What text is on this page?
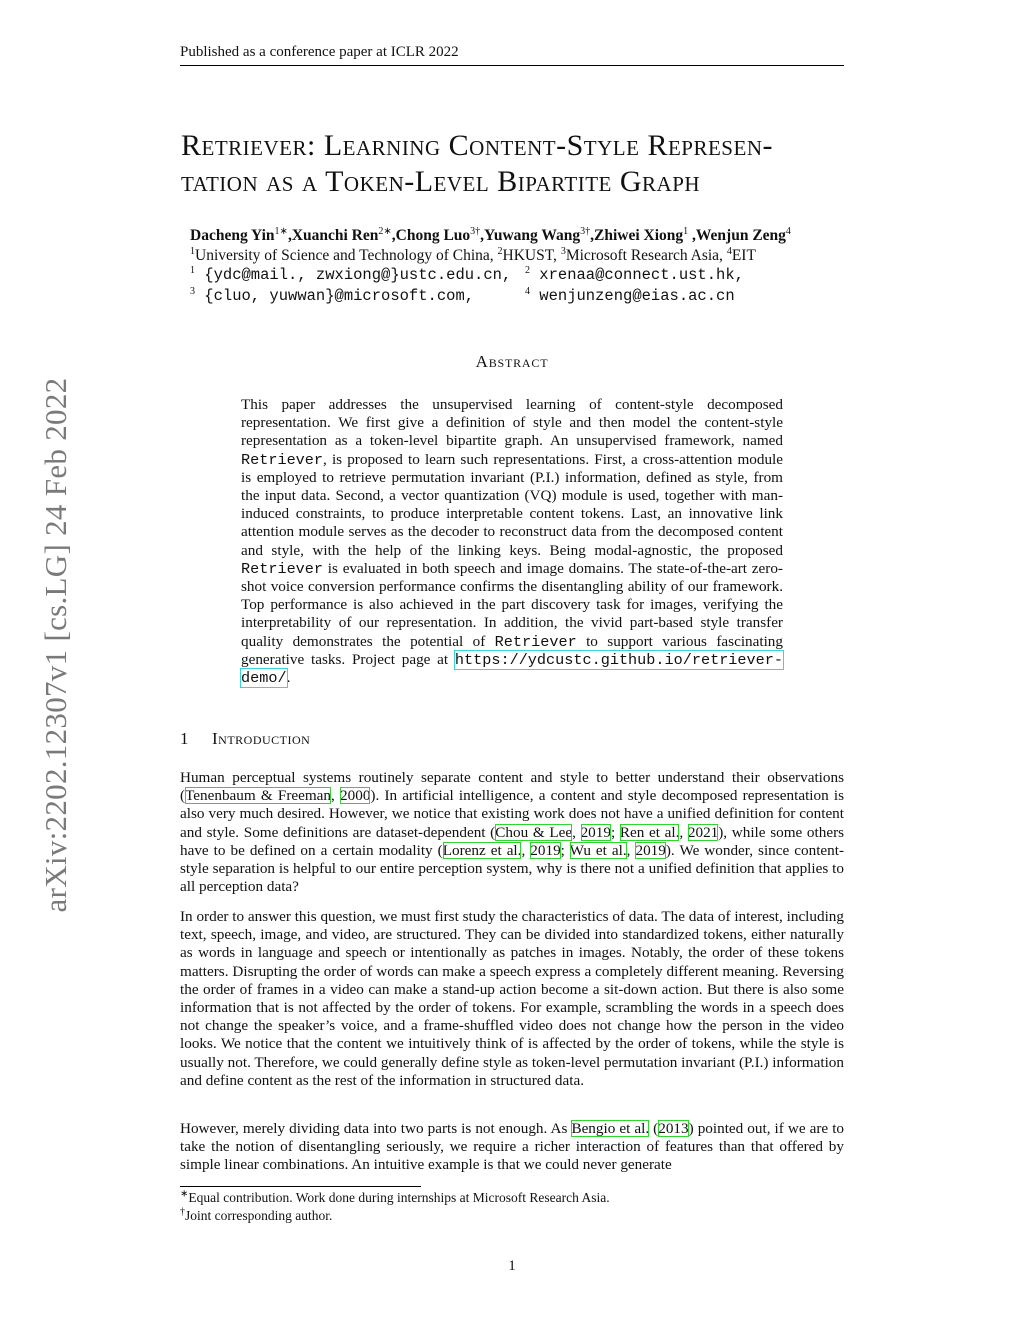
Published as a conference paper at ICLR 2022
arXiv:2202.12307v1 [cs.LG] 24 Feb 2022
Retriever: Learning Content-Style Represen-
tation as a Token-Level Bipartite Graph
Dacheng Yin$^{1∗}$,Xuanchi Ren$^{2∗}$,Chong Luo$^{3\dagger}$,Yuwang Wang$^{3\dagger}$,Zhiwei Xiong$^1$ ,Wenjun Zeng$^4$
$^1$University of Science and Technology of China, $^2$HKUST, $^3$Microsoft Research Asia, $^4$EIT
$^1$ {ydc@mail., zwxiong@}ustc.edu.cn, $^2$ xrenaa@connect.ust.hk,
$^3$ {cluo, yuwwan}@microsoft.com,	$^4$ wenjunzeng@eias.ac.cn
Abstract
This paper addresses the unsupervised learning of content-style decomposed representation. We first give a definition of style and then model the content-style representation as a token-level bipartite graph. An unsupervised framework, named Retriever, is proposed to learn such representations. First, a cross-attention module is employed to retrieve permutation invariant (P.I.) information, defined as style, from the input data. Second, a vector quantization (VQ) module is used, together with man-induced constraints, to produce interpretable content tokens. Last, an innovative link attention module serves as the decoder to reconstruct data from the decomposed content and style, with the help of the linking keys. Being modal-agnostic, the proposed Retriever is evaluated in both speech and image domains. The state-of-the-art zero-shot voice conversion performance confirms the disentangling ability of our framework. Top performance is also achieved in the part discovery task for images, verifying the interpretability of our representation. In addition, the vivid part-based style transfer quality demonstrates the potential of Retriever to support various fascinating generative tasks. Project page at https://ydcustc.github.io/retriever-demo/.
1 Introduction
Human perceptual systems routinely separate content and style to better understand their observations (Tenenbaum & Freeman, 2000). In artificial intelligence, a content and style decomposed representation is also very much desired. However, we notice that existing work does not have a unified definition for content and style. Some definitions are dataset-dependent (Chou & Lee, 2019; Ren et al., 2021), while some others have to be defined on a certain modality (Lorenz et al., 2019; Wu et al., 2019). We wonder, since content-style separation is helpful to our entire perception system, why is there not a unified definition that applies to all perception data?
In order to answer this question, we must first study the characteristics of data. The data of interest, including text, speech, image, and video, are structured. They can be divided into standardized tokens, either naturally as words in language and speech or intentionally as patches in images. Notably, the order of these tokens matters. Disrupting the order of words can make a speech express a completely different meaning. Reversing the order of frames in a video can make a stand-up action become a sit-down action. But there is also some information that is not affected by the order of tokens. For example, scrambling the words in a speech does not change the speaker’s voice, and a frame-shuffled video does not change how the person in the video looks. We notice that the content we intuitively think of is affected by the order of tokens, while the style is usually not. Therefore, we could generally define style as token-level permutation invariant (P.I.) information and define content as the rest of the information in structured data.
However, merely dividing data into two parts is not enough. As Bengio et al. (2013) pointed out, if we are to take the notion of disentangling seriously, we require a richer interaction of features than that offered by simple linear combinations. An intuitive example is that we could never generate
∗Equal contribution. Work done during internships at Microsoft Research Asia.
†Joint corresponding author.
1
